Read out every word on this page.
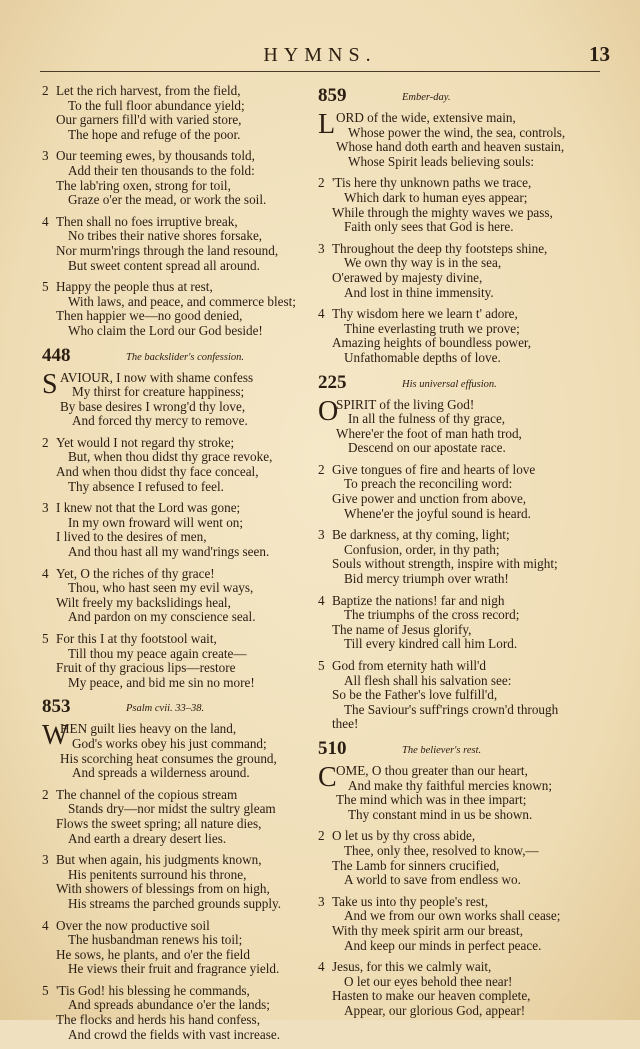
HYMNS.	13
2 Let the rich harvest, from the field,
To the full floor abundance yield;
Our garners fill'd with varied store,
The hope and refuge of the poor.
3 Our teeming ewes, by thousands told,
Add their ten thousands to the fold:
The lab'ring oxen, strong for toil,
Graze o'er the mead, or work the soil.
4 Then shall no foes irruptive break,
No tribes their native shores forsake,
Nor murm'rings through the land resound,
But sweet content spread all around.
5 Happy the people thus at rest,
With laws, and peace, and commerce blest;
Then happier we—no good denied,
Who claim the Lord our God beside!
448	The backslider's confession.
S AVIOUR, I now with shame confess
My thirst for creature happiness;
By base desires I wrong'd thy love,
And forced thy mercy to remove.
2 Yet would I not regard thy stroke;
But, when thou didst thy grace revoke,
And when thou didst thy face conceal,
Thy absence I refused to feel.
3 I knew not that the Lord was gone;
In my own froward will went on;
I lived to the desires of men,
And thou hast all my wand'rings seen.
4 Yet, O the riches of thy grace!
Thou, who hast seen my evil ways,
Wilt freely my backslidings heal,
And pardon on my conscience seal.
5 For this I at thy footstool wait,
Till thou my peace again create—
Fruit of thy gracious lips—restore
My peace, and bid me sin no more!
853	Psalm cvii. 33–38.
W
HEN guilt lies heavy on the land,
God's works obey his just command;
His scorching heat consumes the ground,
And spreads a wilderness around.
2 The channel of the copious stream
Stands dry—nor midst the sultry gleam
Flows the sweet spring; all nature dies,
And earth a dreary desert lies.
3 But when again, his judgments known,
His penitents surround his throne,
With showers of blessings from on high,
His streams the parched grounds supply.
4 Over the now productive soil
The husbandman renews his toil;
He sows, he plants, and o'er the field
He views their fruit and fragrance yield.
5 'Tis God! his blessing he commands,
And spreads abundance o'er the lands;
The flocks and herds his hand confess,
And crowd the fields with vast increase.
859	Ember-day.
L ORD of the wide, extensive main,
Whose power the wind, the sea, controls,
Whose hand doth earth and heaven sustain,
Whose Spirit leads believing souls:
2 'Tis here thy unknown paths we trace,
Which dark to human eyes appear;
While through the mighty waves we pass,
Faith only sees that God is here.
3 Throughout the deep thy footsteps shine,
We own thy way is in the sea,
O'erawed by majesty divine,
And lost in thine immensity.
4 Thy wisdom here we learn t' adore,
Thine everlasting truth we prove;
Amazing heights of boundless power,
Unfathomable depths of love.
225	His universal effusion.
O
SPIRIT of the living God!
In all the fulness of thy grace,
Where'er the foot of man hath trod,
Descend on our apostate race.
2 Give tongues of fire and hearts of love
To preach the reconciling word:
Give power and unction from above,
Whene'er the joyful sound is heard.
3 Be darkness, at thy coming, light;
Confusion, order, in thy path;
Souls without strength, inspire with might;
Bid mercy triumph over wrath!
4 Baptize the nations! far and nigh
The triumphs of the cross record;
The name of Jesus glorify,
Till every kindred call him Lord.
5 God from eternity hath will'd
All flesh shall his salvation see:
So be the Father's love fulfill'd,
The Saviour's suff'rings crown'd through
thee!
510	The believer's rest.
C OME, O thou greater than our heart,
And make thy faithful mercies known;
The mind which was in thee impart;
Thy constant mind in us be shown.
2 O let us by thy cross abide,
Thee, only thee, resolved to know,—
The Lamb for sinners crucified,
A world to save from endless wo.
3 Take us into thy people's rest,
And we from our own works shall cease;
With thy meek spirit arm our breast,
And keep our minds in perfect peace.
4 Jesus, for this we calmly wait,
O let our eyes behold thee near!
Hasten to make our heaven complete,
Appear, our glorious God, appear!
